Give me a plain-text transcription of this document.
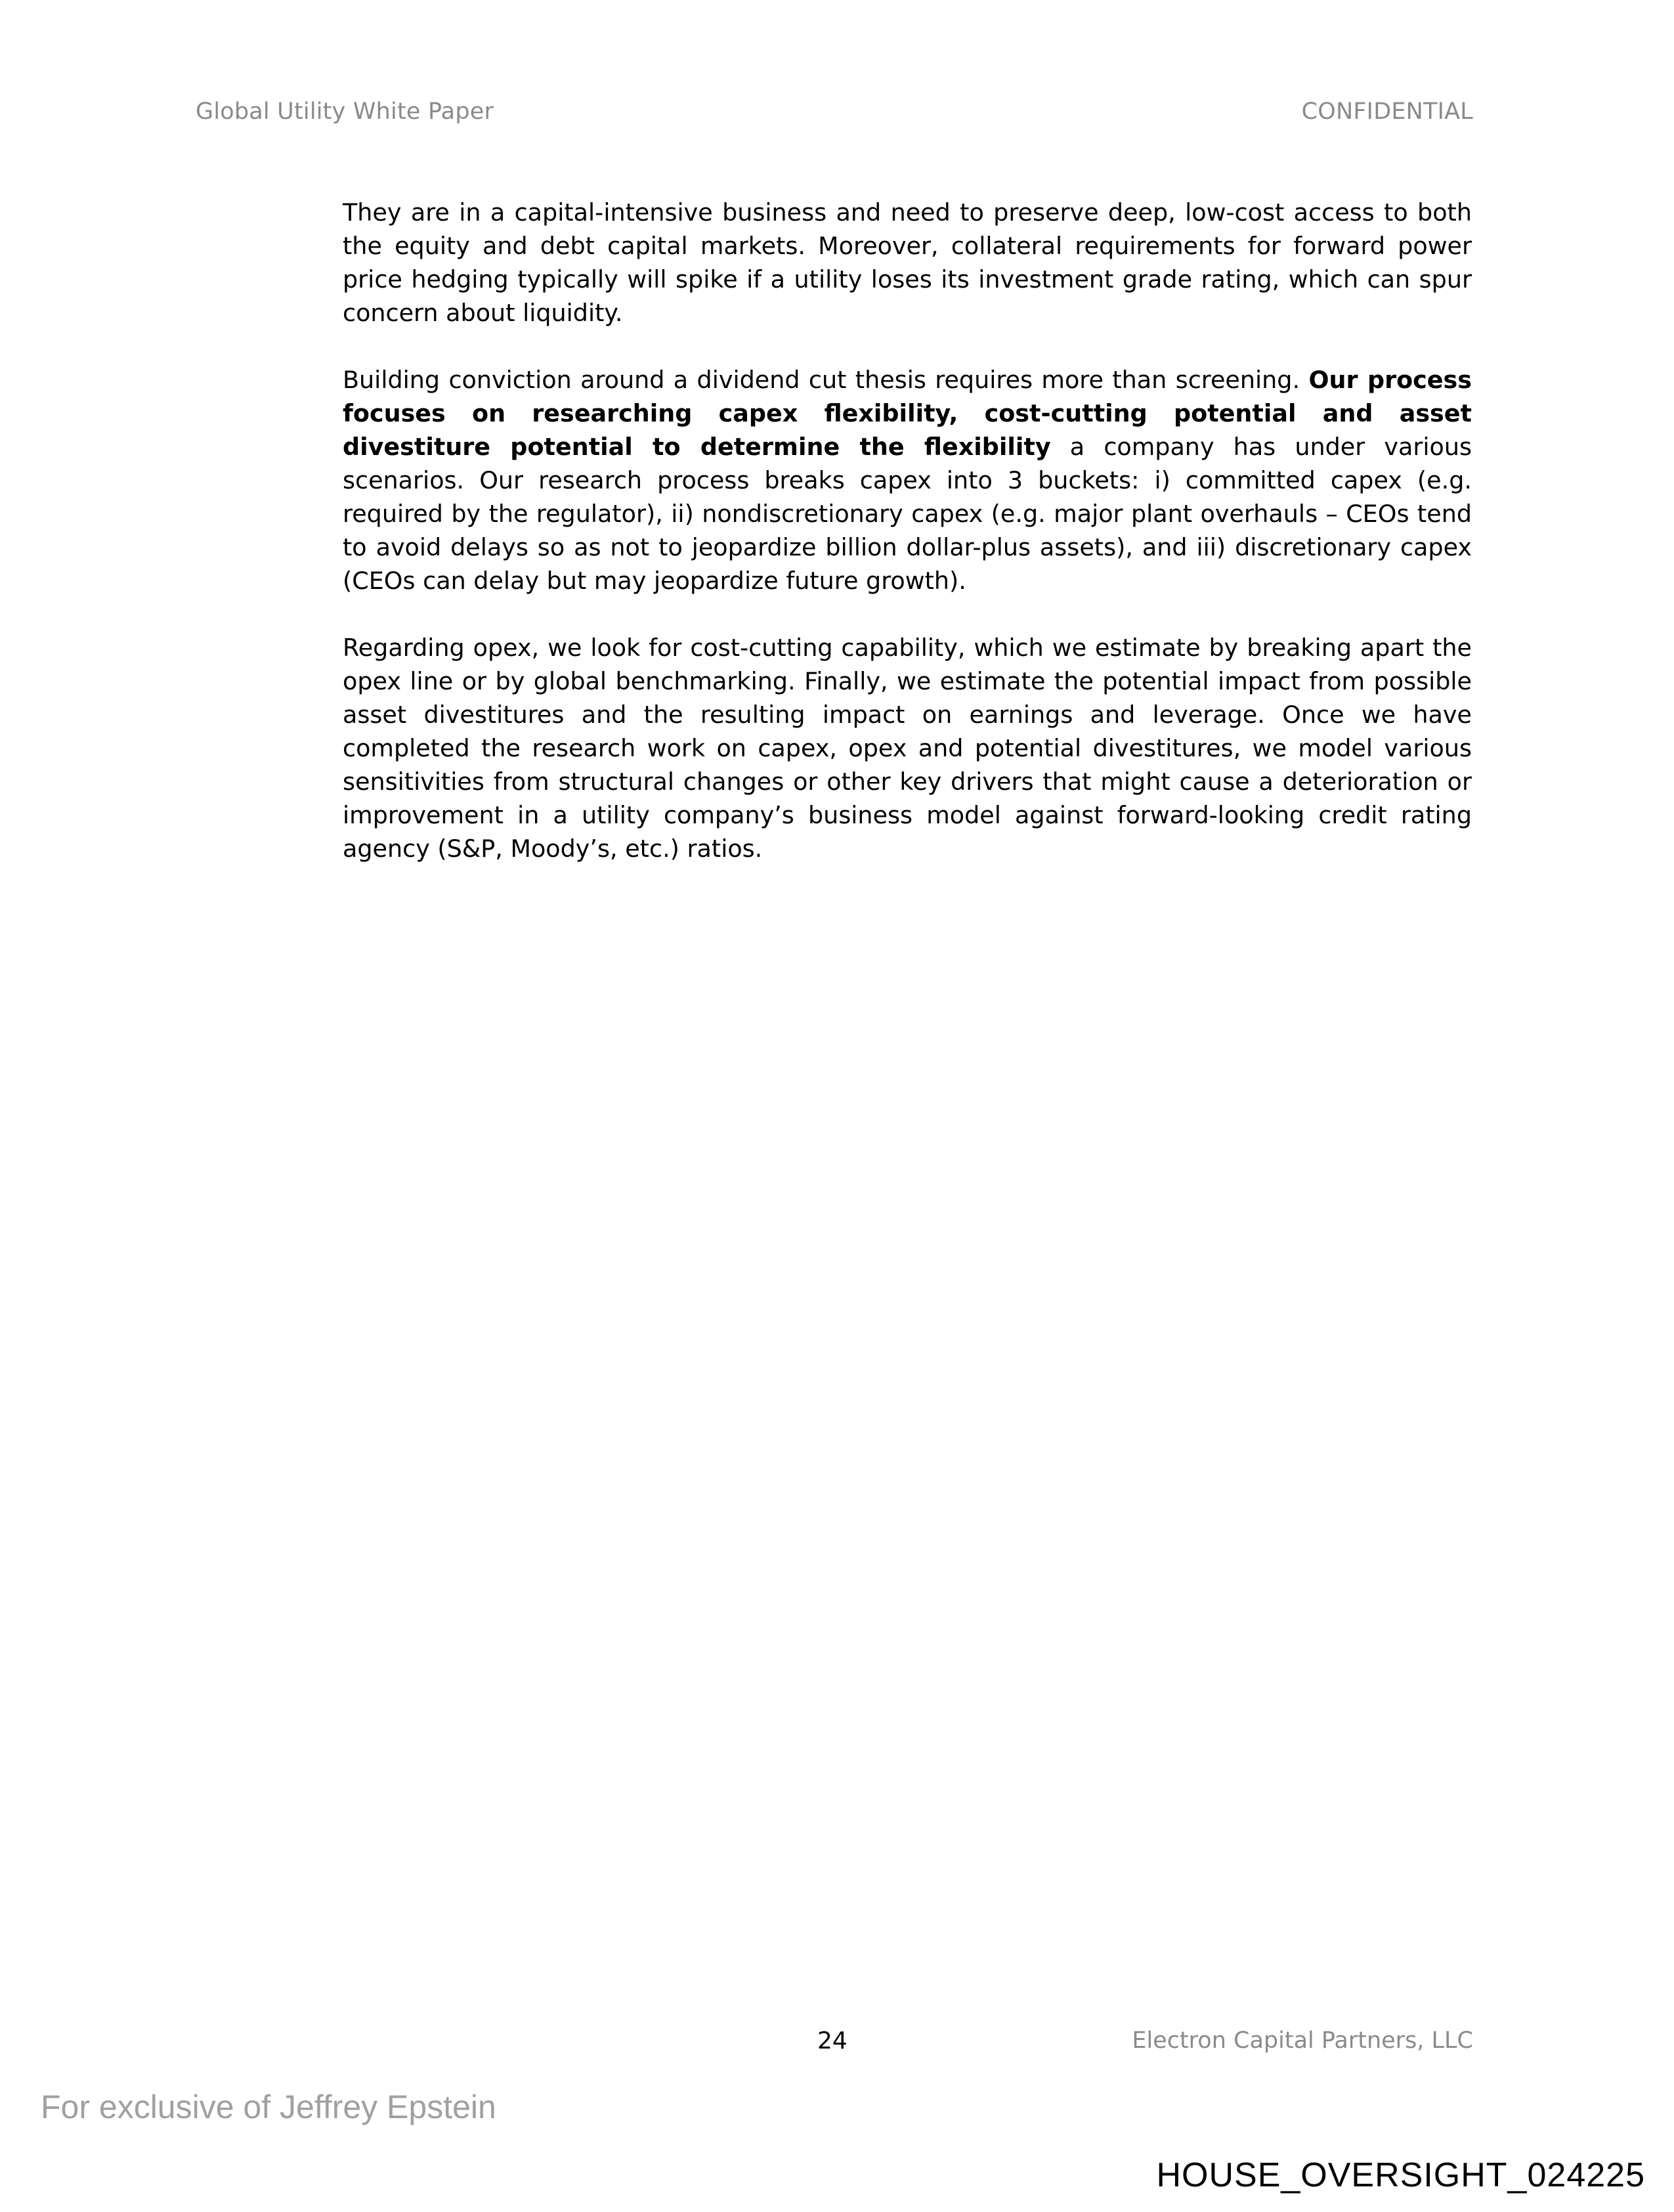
Global Utility White Paper	CONFIDENTIAL

They are in a capital-intensive business and need to preserve deep, low-cost access to both the equity and debt capital markets. Moreover, collateral requirements for forward power price hedging typically will spike if a utility loses its investment grade rating, which can spur concern about liquidity.

Building conviction around a dividend cut thesis requires more than screening. Our process focuses on researching capex flexibility, cost-cutting potential and asset divestiture potential to determine the flexibility a company has under various scenarios. Our research process breaks capex into 3 buckets: i) committed capex (e.g. required by the regulator), ii) nondiscretionary capex (e.g. major plant overhauls – CEOs tend to avoid delays so as not to jeopardize billion dollar-plus assets), and iii) discretionary capex (CEOs can delay but may jeopardize future growth).

Regarding opex, we look for cost-cutting capability, which we estimate by breaking apart the opex line or by global benchmarking. Finally, we estimate the potential impact from possible asset divestitures and the resulting impact on earnings and leverage. Once we have completed the research work on capex, opex and potential divestitures, we model various sensitivities from structural changes or other key drivers that might cause a deterioration or improvement in a utility company’s business model against forward-looking credit rating agency (S&P, Moody’s, etc.) ratios.

24	Electron Capital Partners, LLC
For exclusive of Jeffrey Epstein
HOUSE_OVERSIGHT_024225
